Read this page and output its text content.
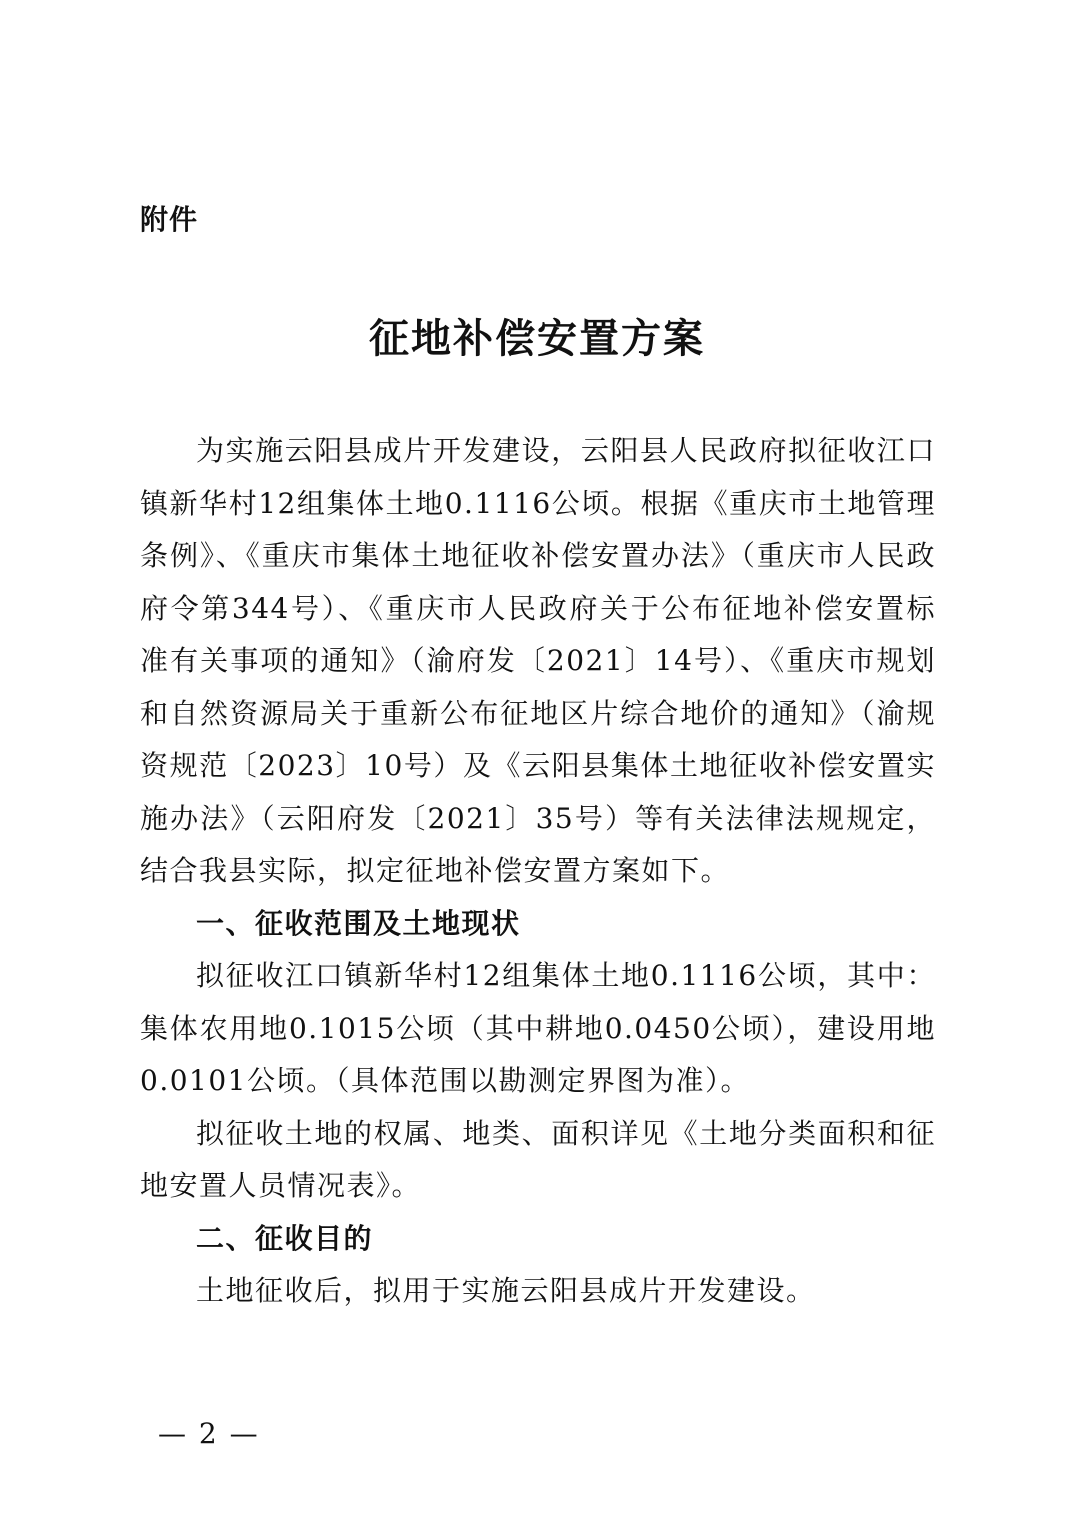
附件
征地补偿安置方案

为实施云阳县成片开发建设，云阳县人民政府拟征收江口镇新华村12组集体土地0.1116公顷。根据《重庆市土地管理条例》、《重庆市集体土地征收补偿安置办法》（重庆市人民政府令第344号）、《重庆市人民政府关于公布征地补偿安置标准有关事项的通知》（渝府发〔2021〕14号）、《重庆市规划和自然资源局关于重新公布征地区片综合地价的通知》（渝规资规范〔2023〕10号）及《云阳县集体土地征收补偿安置实施办法》（云阳府发〔2021〕35号）等有关法律法规规定，结合我县实际，拟定征地补偿安置方案如下。

一、征收范围及土地现状

拟征收江口镇新华村12组集体土地0.1116公顷，其中：集体农用地0.1015公顷（其中耕地0.0450公顷），建设用地0.0101公顷。（具体范围以勘测定界图为准）。

拟征收土地的权属、地类、面积详见《土地分类面积和征地安置人员情况表》。

二、征收目的

土地征收后，拟用于实施云阳县成片开发建设。

— 2 —
